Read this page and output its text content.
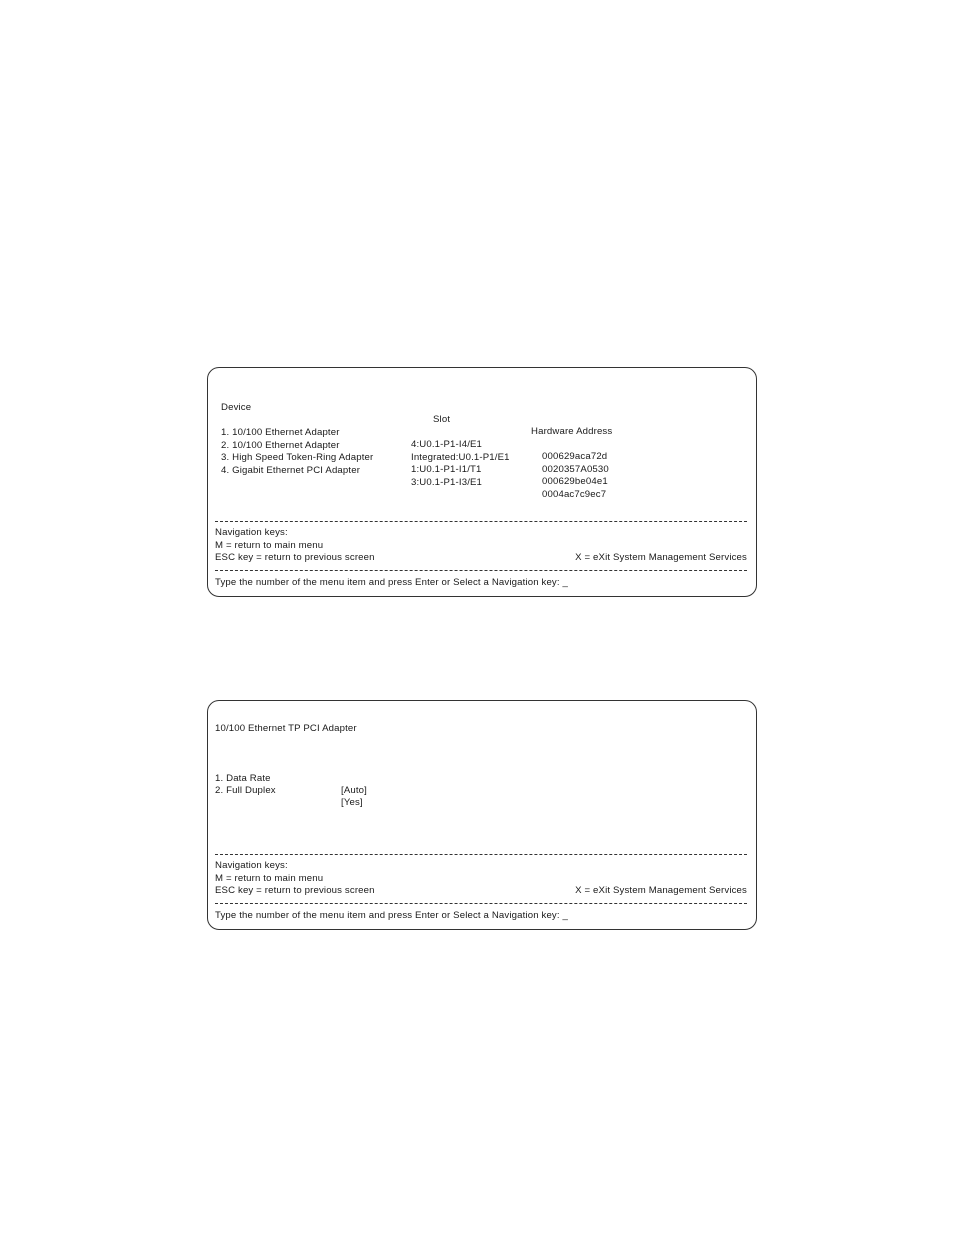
Device

Slot

Hardware Address

1. 10/100 Ethernet Adapter

4:U0.1-P1-I4/E1

000629aca72d

2. 10/100 Ethernet Adapter

Integrated:U0.1-P1/E1

0020357A0530

3. High Speed Token-Ring Adapter

1:U0.1-P1-I1/T1

000629be04e1

4. Gigabit Ethernet PCI Adapter

3:U0.1-P1-I3/E1

0004ac7c9ec7

Navigation keys:
M = return to main menu
ESC key = return to previous screen	X = eXit System Management Services
Type the number of the menu item and press Enter or Select a Navigation key: _
10/100 Ethernet TP PCI Adapter

1. Data Rate

[Auto]

2. Full Duplex

[Yes]

Navigation keys:
M = return to main menu
ESC key = return to previous screen	X = eXit System Management Services
Type the number of the menu item and press Enter or Select a Navigation key: _
